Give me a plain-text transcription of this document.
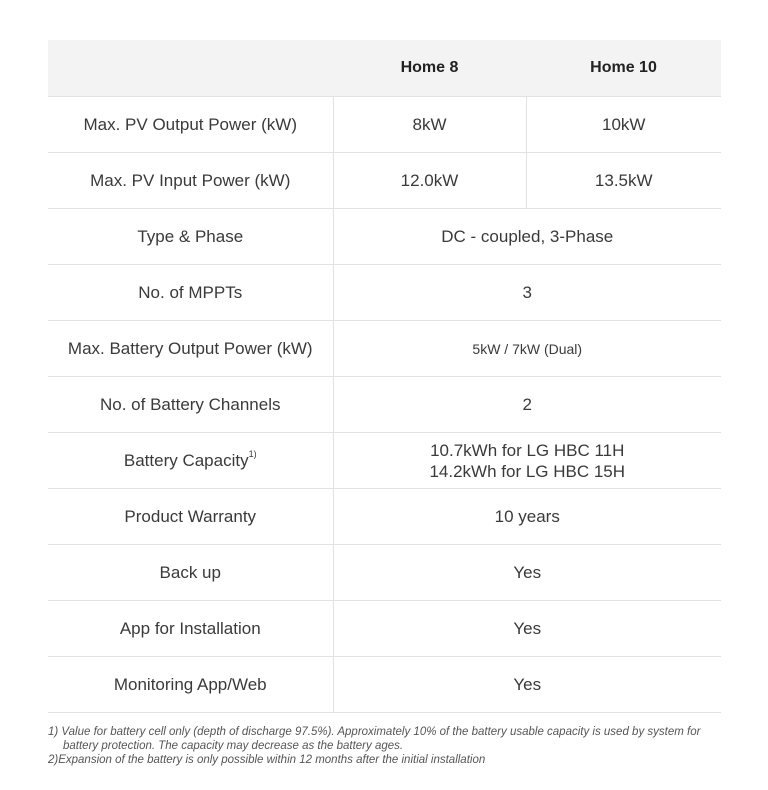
	Home 8	Home 10
Max. PV Output Power (kW)	8kW	10kW
Max. PV Input Power (kW)	12.0kW	13.5kW
Type & Phase	DC - coupled, 3-Phase	
No. of MPPTs	3	
Max. Battery Output Power (kW)	5kW / 7kW (Dual)	
No. of Battery Channels	2	
Battery Capacity$^{1)}$	10.7kWh for LG HBC 11H
14.2kWh for LG HBC 15H	

Product Warranty	10 years	
Back up	Yes	
App for Installation	Yes	
Monitoring App/Web	Yes	
1) Value for battery cell only (depth of discharge 97.5%). Approximately 10% of the battery usable capacity is used by system for
battery protection. The capacity may decrease as the battery ages.
2)Expansion of the battery is only possible within 12 months after the initial installation
